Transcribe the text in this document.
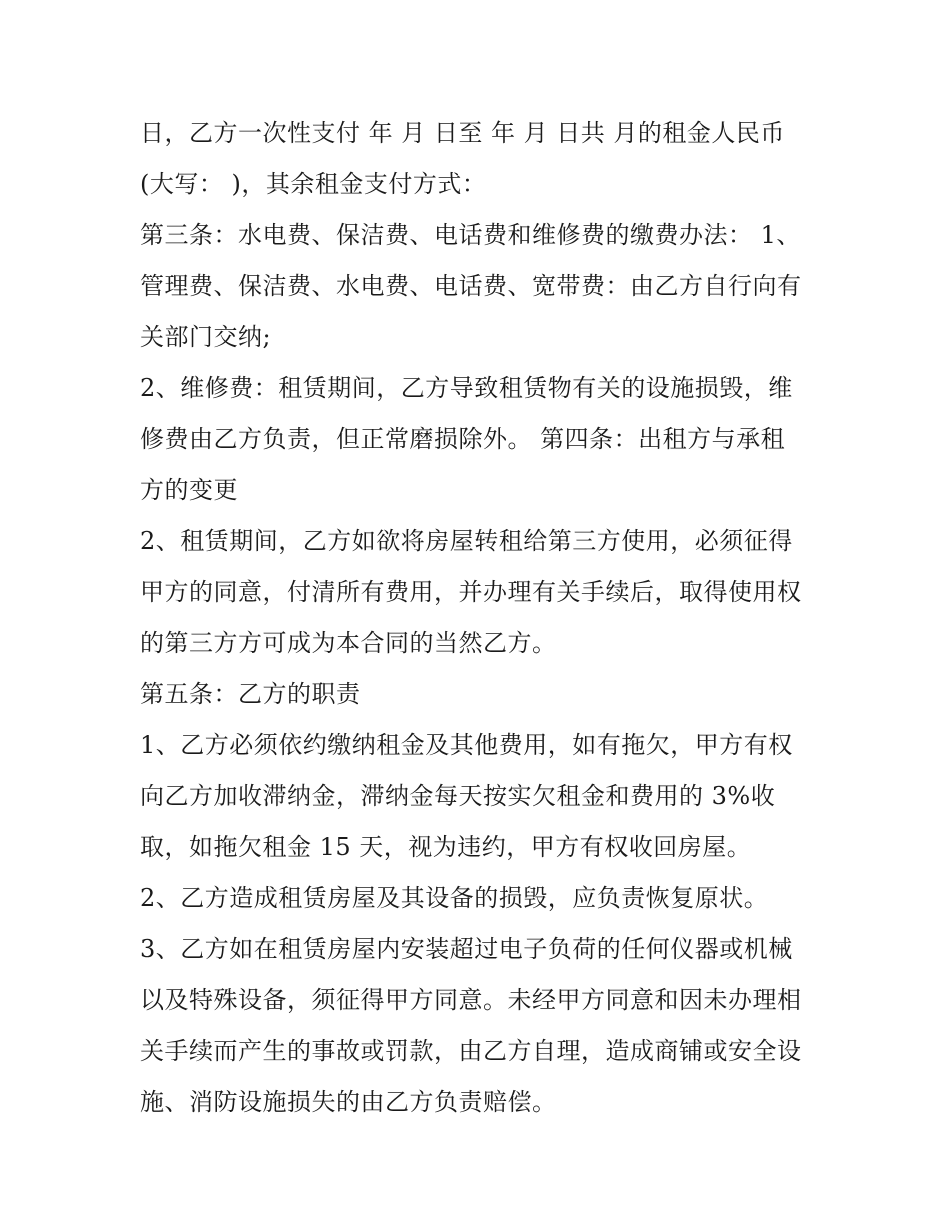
日，乙方一次性支付 年 月 日至 年 月 日共 月的租金人民币
(大写： )，其余租金支付方式：
第三条：水电费、保洁费、电话费和维修费的缴费办法： 1、
管理费、保洁费、水电费、电话费、宽带费：由乙方自行向有
关部门交纳;
2、维修费：租赁期间，乙方导致租赁物有关的设施损毁，维
修费由乙方负责，但正常磨损除外。 第四条：出租方与承租
方的变更
2、租赁期间，乙方如欲将房屋转租给第三方使用，必须征得
甲方的同意，付清所有费用，并办理有关手续后，取得使用权
的第三方方可成为本合同的当然乙方。
第五条：乙方的职责
1、乙方必须依约缴纳租金及其他费用，如有拖欠，甲方有权
向乙方加收滞纳金，滞纳金每天按实欠租金和费用的 3%收
取，如拖欠租金 15 天，视为违约，甲方有权收回房屋。
2、乙方造成租赁房屋及其设备的损毁，应负责恢复原状。
3、乙方如在租赁房屋内安装超过电子负荷的任何仪器或机械
以及特殊设备，须征得甲方同意。未经甲方同意和因未办理相
关手续而产生的事故或罚款，由乙方自理，造成商铺或安全设
施、消防设施损失的由乙方负责赔偿。
